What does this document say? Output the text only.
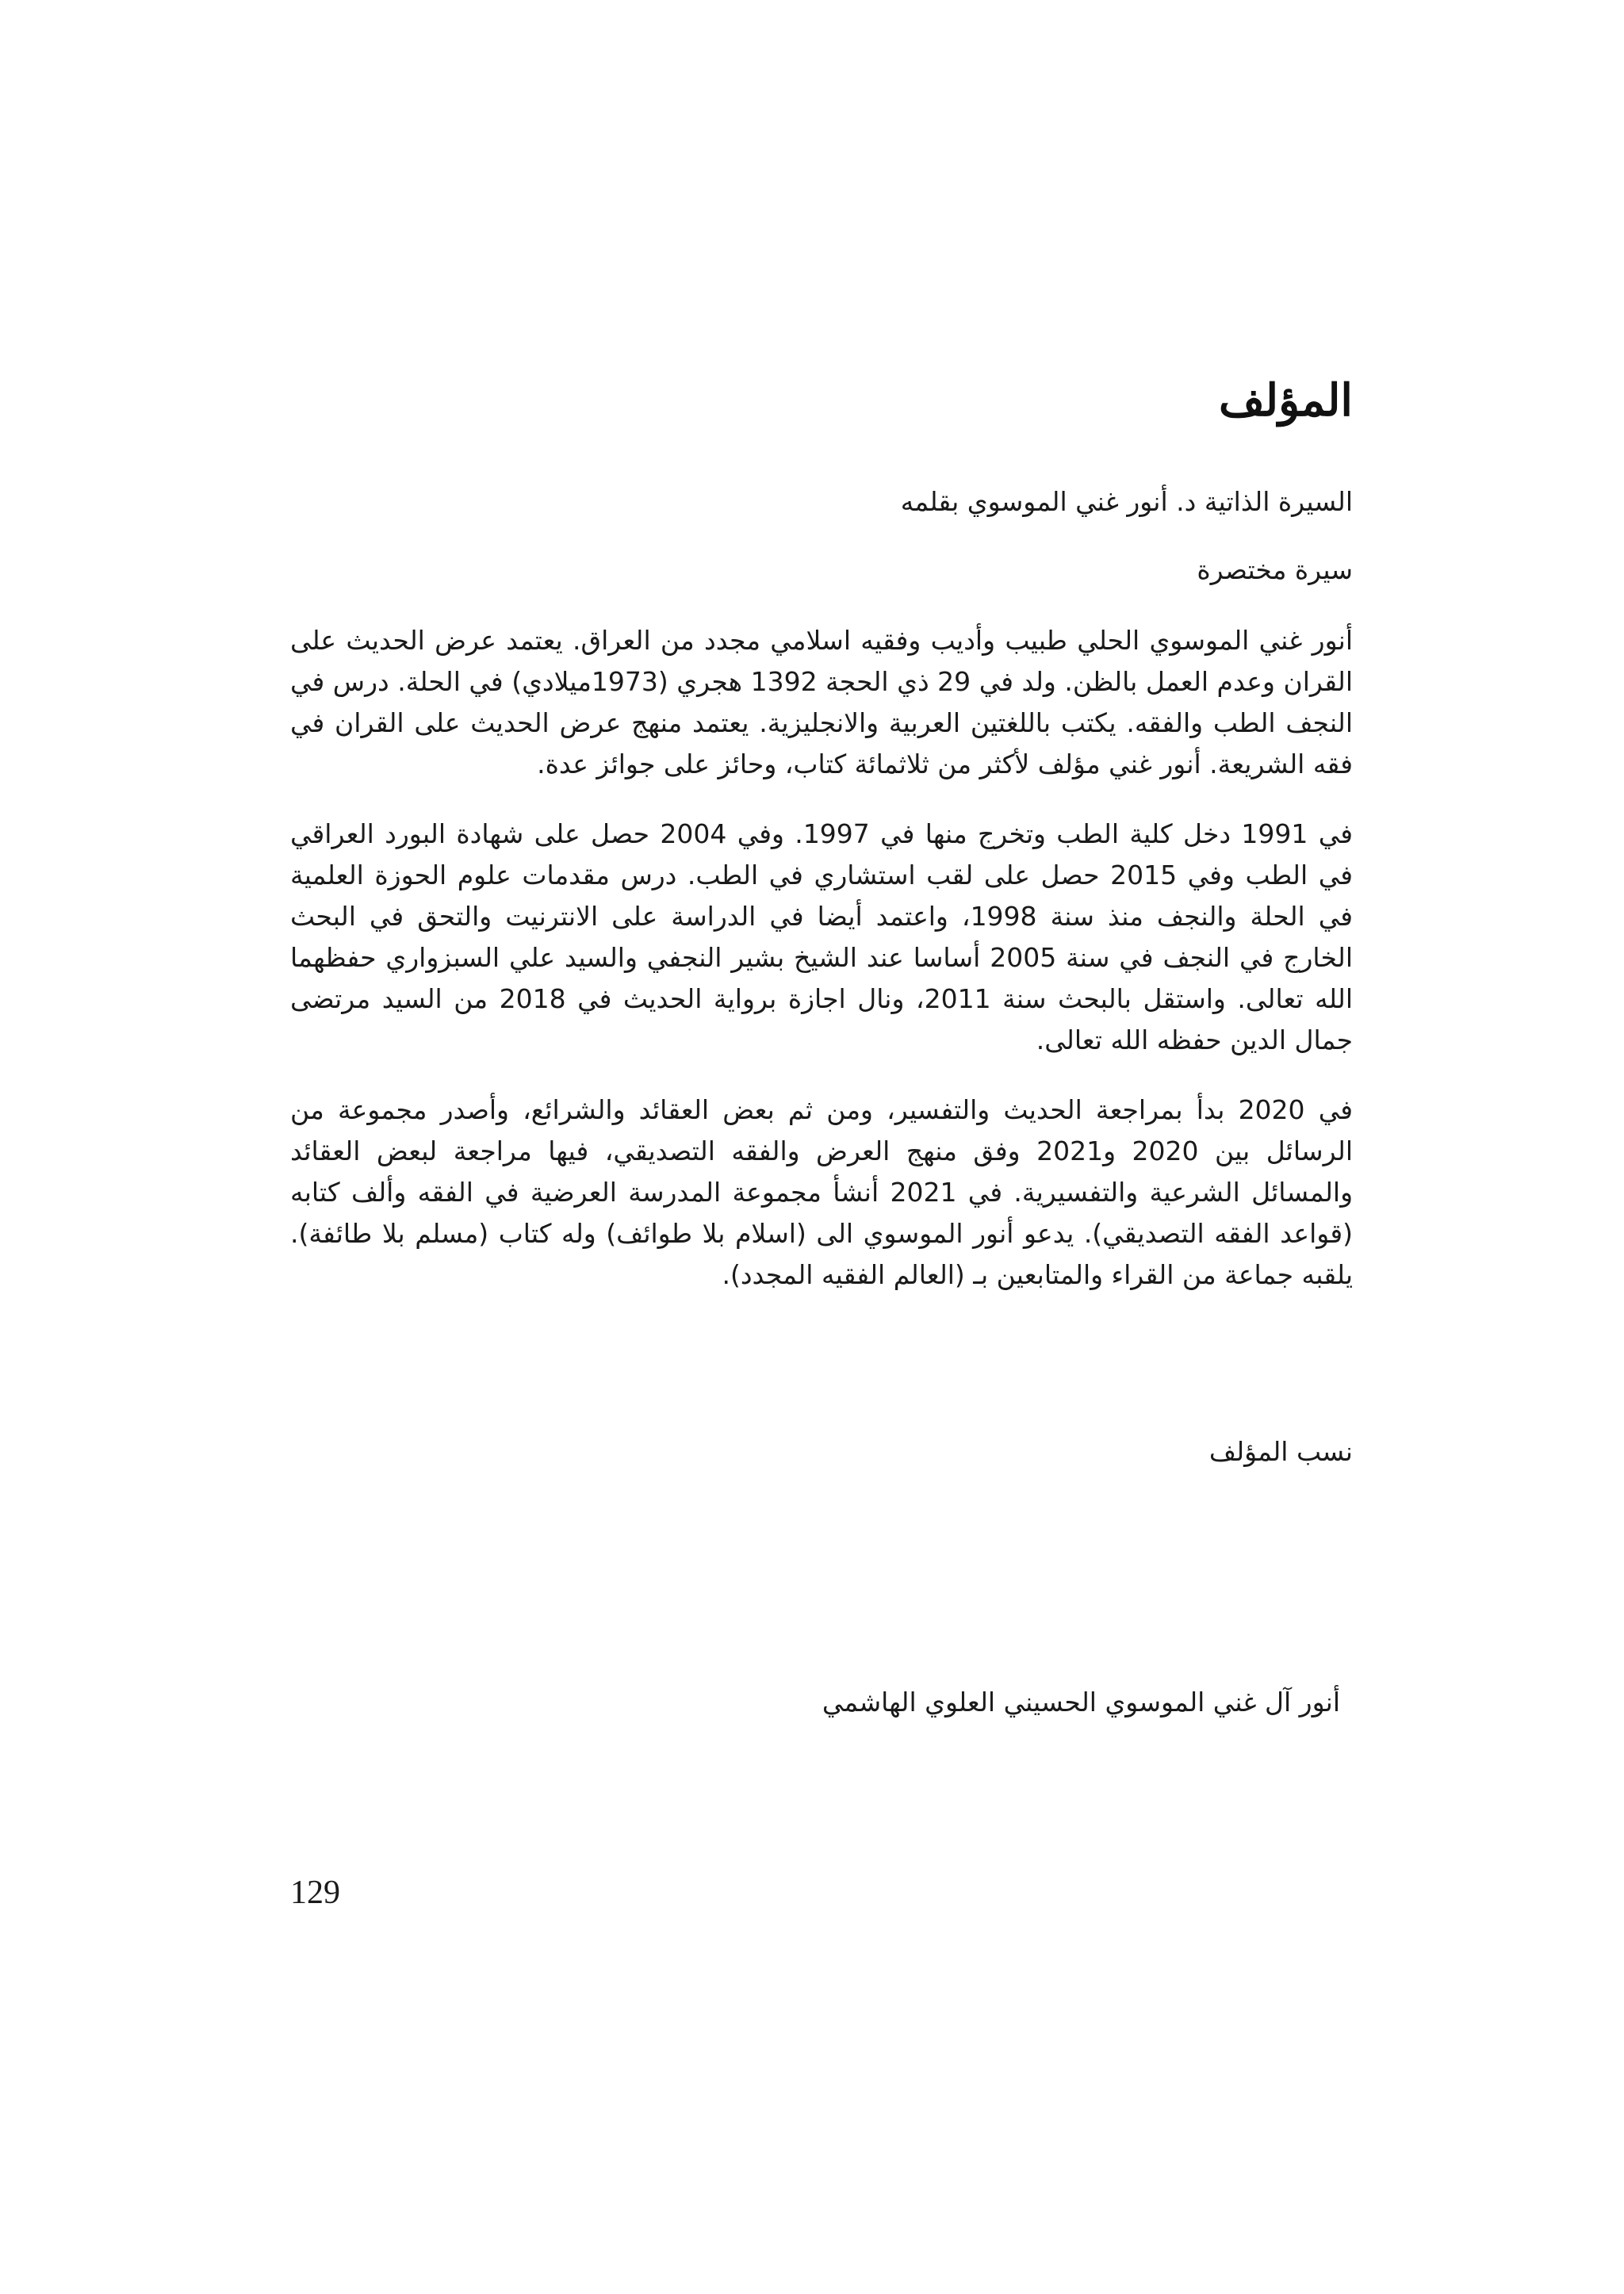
المؤلف

السيرة الذاتية د. أنور غني الموسوي بقلمه

سيرة مختصرة

أنور غني الموسوي الحلي طبيب وأديب وفقيه اسلامي مجدد من العراق. يعتمد عرض الحديث على القران وعدم العمل بالظن. ولد في 29 ذي الحجة 1392 هجري (1973ميلادي) في الحلة. درس في النجف الطب والفقه. يكتب باللغتين العربية والانجليزية. يعتمد منهج عرض الحديث على القران في فقه الشريعة. أنور غني مؤلف لأكثر من ثلاثمائة كتاب، وحائز على جوائز عدة.

في 1991 دخل كلية الطب وتخرج منها في 1997. وفي 2004 حصل على شهادة البورد العراقي في الطب وفي 2015 حصل على لقب استشاري في الطب. درس مقدمات علوم الحوزة العلمية في الحلة والنجف منذ سنة 1998، واعتمد أيضا في الدراسة على الانترنيت والتحق في البحث الخارج في النجف في سنة 2005 أساسا عند الشيخ بشير النجفي والسيد علي السبزواري حفظهما الله تعالى. واستقل بالبحث سنة 2011، ونال اجازة برواية الحديث في 2018 من السيد مرتضى جمال الدين حفظه الله تعالى.

في 2020 بدأ بمراجعة الحديث والتفسير، ومن ثم بعض العقائد والشرائع، وأصدر مجموعة من الرسائل بين 2020 و2021 وفق منهج العرض والفقه التصديقي، فيها مراجعة لبعض العقائد والمسائل الشرعية والتفسيرية. في 2021 أنشأ مجموعة المدرسة العرضية في الفقه وألف كتابه (قواعد الفقه التصديقي). يدعو أنور الموسوي الى (اسلام بلا طوائف) وله كتاب (مسلم بلا طائفة). يلقبه جماعة من القراء والمتابعين بـ (العالم الفقيه المجدد).

نسب المؤلف
أنور آل غني الموسوي الحسيني العلوي الهاشمي
129
